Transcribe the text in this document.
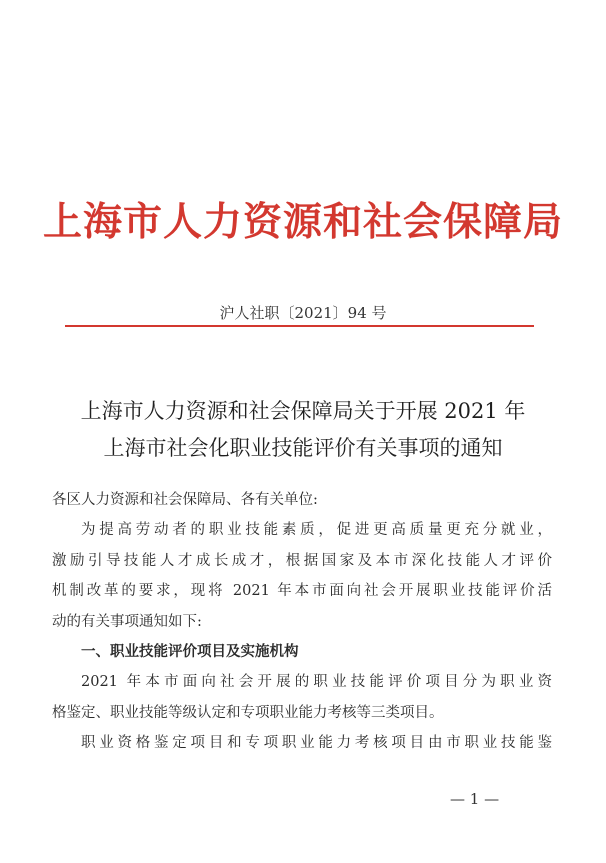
上海市人力资源和社会保障局
沪人社职〔2021〕94 号
上海市人力资源和社会保障局关于开展 2021 年
上海市社会化职业技能评价有关事项的通知
各区人力资源和社会保障局、各有关单位:
为提高劳动者的职业技能素质，促进更高质量更充分就业，
激励引导技能人才成长成才，根据国家及本市深化技能人才评价
机制改革的要求，现将 2021 年本市面向社会开展职业技能评价活
动的有关事项通知如下:
一、职业技能评价项目及实施机构
2021 年本市面向社会开展的职业技能评价项目分为职业资
格鉴定、职业技能等级认定和专项职业能力考核等三类项目。
职业资格鉴定项目和专项职业能力考核项目由市职业技能鉴
— 1 —
